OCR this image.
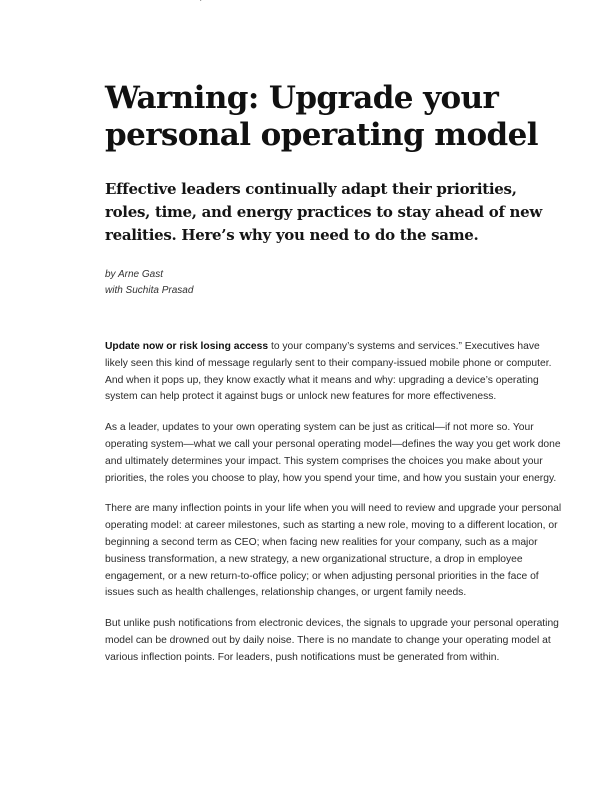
Warning: Upgrade your personal operating model
Effective leaders continually adapt their priorities, roles, time, and energy practices to stay ahead of new realities. Here’s why you need to do the same.
by Arne Gast
with Suchita Prasad

Update now or risk losing access to your company’s systems and services.” Executives have likely seen this kind of message regularly sent to their company-issued mobile phone or computer. And when it pops up, they know exactly what it means and why: upgrading a device’s operating system can help protect it against bugs or unlock new features for more effectiveness.

As a leader, updates to your own operating system can be just as critical—if not more so. Your operating system—what we call your personal operating model—defines the way you get work done and ultimately determines your impact. This system comprises the choices you make about your priorities, the roles you choose to play, how you spend your time, and how you sustain your energy.

There are many inflection points in your life when you will need to review and upgrade your personal operating model: at career milestones, such as starting a new role, moving to a different location, or beginning a second term as CEO; when facing new realities for your company, such as a major business transformation, a new strategy, a new organizational structure, a drop in employee engagement, or a new return-to-office policy; or when adjusting personal priorities in the face of issues such as health challenges, relationship changes, or urgent family needs.

But unlike push notifications from electronic devices, the signals to upgrade your personal operating model can be drowned out by daily noise. There is no mandate to change your operating model at various inflection points. For leaders, push notifications must be generated from within.
